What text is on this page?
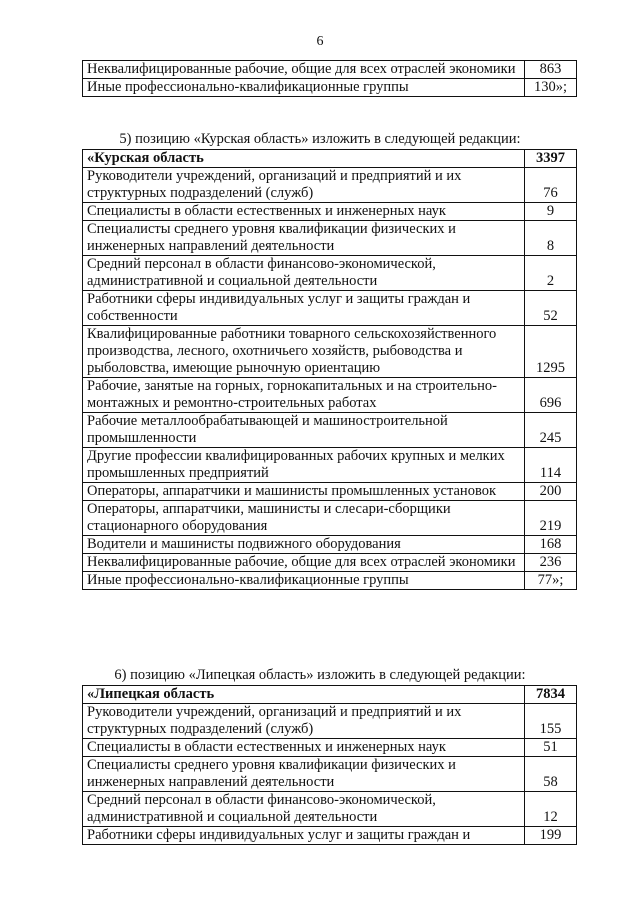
6
Неквалифицированные рабочие, общие для всех отраслей экономики	863
Иные профессионально-квалификационные группы	130»;
5) позицию «Курская область» изложить в следующей редакции:
«Курская область	3397
Руководители учреждений, организаций и предприятий и их структурных подразделений (служб)	76
Специалисты в области естественных и инженерных наук	9
Специалисты среднего уровня квалификации физических и инженерных направлений деятельности	8
Средний персонал в области финансово-экономической, административной и социальной деятельности	2
Работники сферы индивидуальных услуг и защиты граждан и собственности	52
Квалифицированные работники товарного сельскохозяйственного производства, лесного, охотничьего хозяйств, рыбоводства и рыболовства, имеющие рыночную ориентацию	1295
Рабочие, занятые на горных, горнокапитальных и на строительно-монтажных и ремонтно-строительных работах	696
Рабочие металлообрабатывающей и машиностроительной промышленности	245
Другие профессии квалифицированных рабочих крупных и мелких промышленных предприятий	114
Операторы, аппаратчики и машинисты промышленных установок	200
Операторы, аппаратчики, машинисты и слесари-сборщики стационарного оборудования	219
Водители и машинисты подвижного оборудования	168
Неквалифицированные рабочие, общие для всех отраслей экономики	236
Иные профессионально-квалификационные группы	77»;
6) позицию «Липецкая область» изложить в следующей редакции:
«Липецкая область	7834
Руководители учреждений, организаций и предприятий и их структурных подразделений (служб)	155
Специалисты в области естественных и инженерных наук	51
Специалисты среднего уровня квалификации физических и инженерных направлений деятельности	58
Средний персонал в области финансово-экономической, административной и социальной деятельности	12
Работники сферы индивидуальных услуг и защиты граждан и	199
